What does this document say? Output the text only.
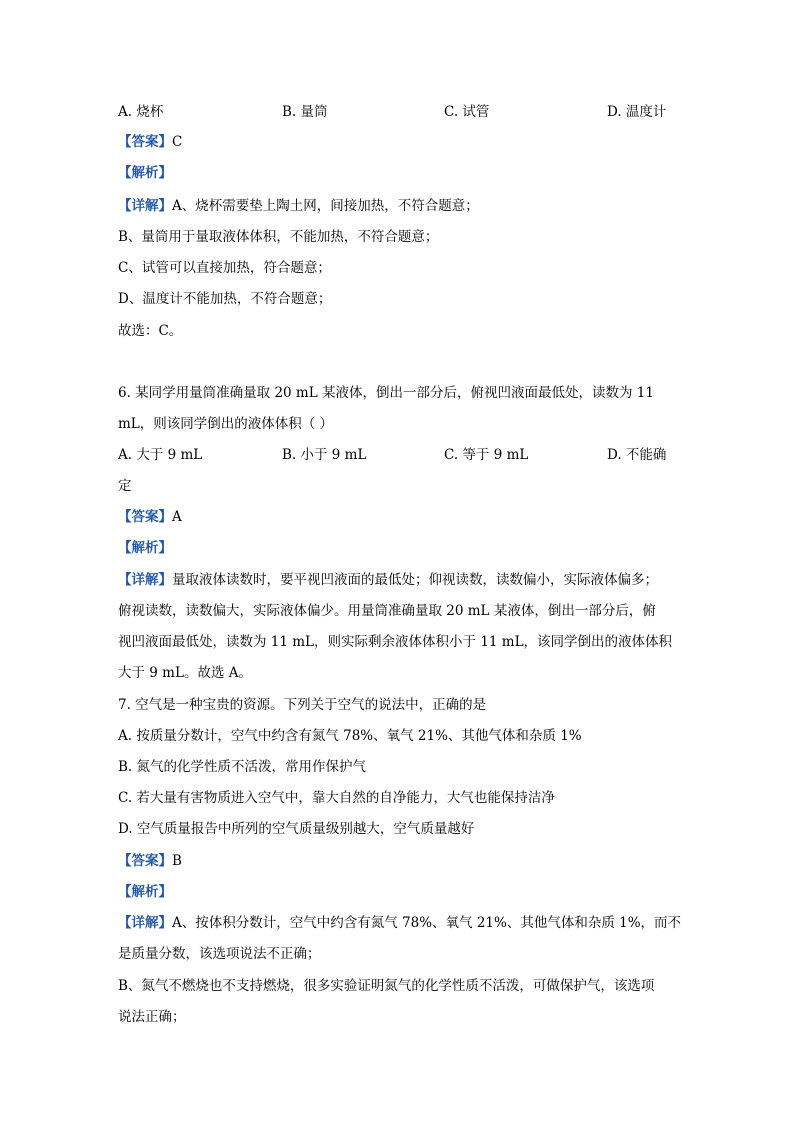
A. 烧杯	B. 量筒	C. 试管	D. 温度计
【答案】C
【解析】
【详解】A、烧杯需要垫上陶土网，间接加热，不符合题意；
B、量筒用于量取液体体积，不能加热，不符合题意；
C、试管可以直接加热，符合题意；
D、温度计不能加热，不符合题意；
故选：C。
6. 某同学用量筒准确量取 20 mL 某液体，倒出一部分后，俯视凹液面最低处，读数为 11
mL，则该同学倒出的液体体积（ ）
A. 大于 9 mL	B. 小于 9 mL	C. 等于 9 mL	D. 不能确
定
【答案】A
【解析】
【详解】量取液体读数时，要平视凹液面的最低处；仰视读数，读数偏小，实际液体偏多；
俯视读数，读数偏大，实际液体偏少。用量筒准确量取 20 mL 某液体，倒出一部分后，俯
视凹液面最低处，读数为 11 mL，则实际剩余液体体积小于 11 mL，该同学倒出的液体体积
大于 9 mL。故选 A。
7. 空气是一种宝贵的资源。下列关于空气的说法中，正确的是
A. 按质量分数计，空气中约含有氮气 78%、氧气 21%、其他气体和杂质 1%
B. 氮气的化学性质不活泼，常用作保护气
C. 若大量有害物质进入空气中，靠大自然的自净能力，大气也能保持洁净
D. 空气质量报告中所列的空气质量级别越大，空气质量越好
【答案】B
【解析】
【详解】A、按体积分数计，空气中约含有氮气 78%、氧气 21%、其他气体和杂质 1%，而不
是质量分数，该选项说法不正确；
B、氮气不燃烧也不支持燃烧，很多实验证明氮气的化学性质不活泼，可做保护气，该选项
说法正确；
